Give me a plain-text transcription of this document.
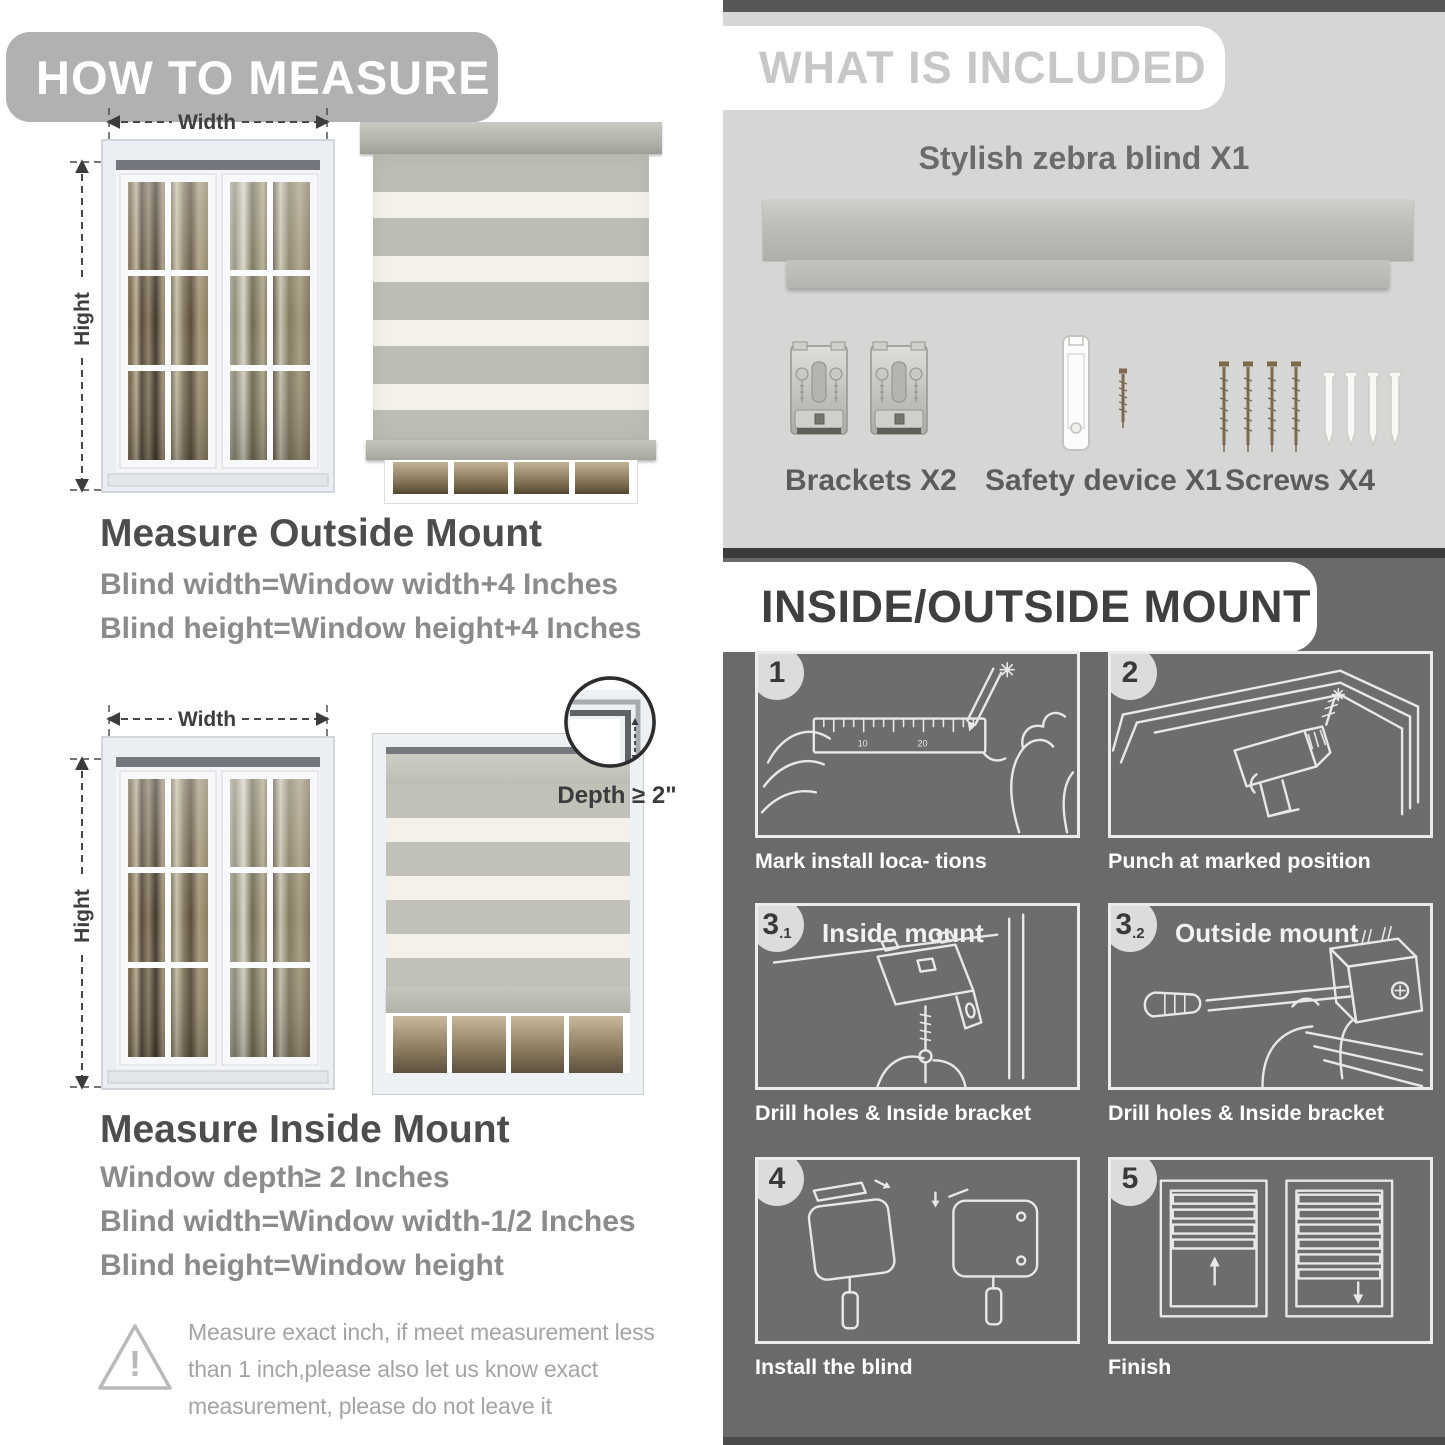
HOW TO MEASURE
Width
Hight
Measure Outside Mount

Blind width=Window width+4 Inches

Blind height=Window height+4 Inches

Width
Hight
Depth ≥ 2"
Measure Inside Mount

Window depth≥ 2 Inches

Blind width=Window width-1/2 Inches

Blind height=Window height

!
Measure exact inch, if meet measurement less than 1 inch,please also let us know exact measurement, please do not leave it
WHAT IS INCLUDED
Stylish zebra blind X1
Brackets X2 Safety device X1 Screws X4
INSIDE/OUTSIDE MOUNT
1
10	20
Mark install loca- tions
2
Punch at marked position
3 .1 Inside mount
Drill holes & Inside bracket
3 .2 Outside mount
Drill holes & Inside bracket
4
Install the blind
5
Finish
